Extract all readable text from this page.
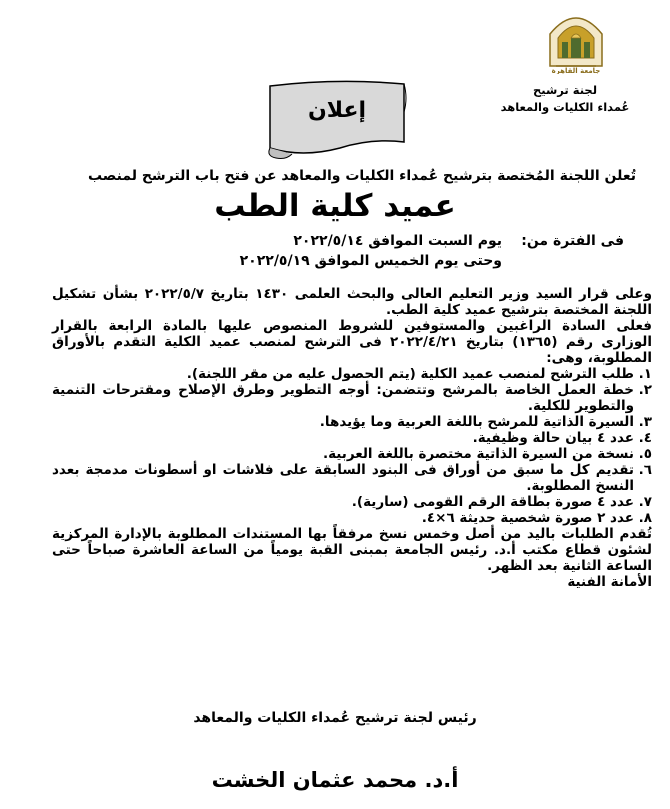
جامعة القاهرة
لجنة ترشيح
عُمداء الكليات والمعاهد
إعلان
تُعلن اللجنة المُختصة بترشيح عُمداء الكليات والمعاهد عن فتح باب الترشح لمنصب
عميد كلية الطب
فى الفترة من:
يوم السبت الموافق ٢٠٢٢/٥/١٤
وحتى يوم الخميس الموافق ٢٠٢٢/٥/١٩

وعلى قرار السيد وزير التعليم العالى والبحث العلمى ١٤٣٠ بتاريخ ٢٠٢٢/٥/٧ بشأن تشكيل اللجنة المختصة بترشيح عميد كلية الطب.

فعلى السادة الراغبين والمستوفين للشروط المنصوص عليها بالمادة الرابعة بالقرار الوزارى رقم (١٣٦٥) بتاريخ ٢٠٢٢/٤/٢١ فى الترشح لمنصب عميد الكلية التقدم بالأوراق المطلوبة، وهى:

١.
طلب الترشح لمنصب عميد الكلية (يتم الحصول عليه من مقر اللجنة).
٢.
خطة العمل الخاصة بالمرشح وتتضمن: أوجه التطوير وطرق الإصلاح ومقترحات التنمية والتطوير للكلية.
٣.
السيرة الذاتية للمرشح باللغة العربية وما يؤيدها.
٤.
عدد ٤ بيان حالة وظيفية.
٥.
نسخة من السيرة الذاتية مختصرة باللغة العربية.
٦.
تقديم كل ما سبق من أوراق فى البنود السابقة على فلاشات او أسطونات مدمجة بعدد النسخ المطلوبة.
٧.
عدد ٤ صورة بطاقة الرقم القومى (سارية).
٨.
عدد ٢ صورة شخصية حديثة ٦×٤.

تُقدم الطلبات باليد من أصل وخمس نسخ مرفقاً بها المستندات المطلوبة بالإدارة المركزية لشئون قطاع مكتب أ.د. رئيس الجامعة بمبنى القبة يومياً من الساعة العاشرة صباحاً حتى الساعة الثانية بعد الظهر.

الأمانة الفنية

رئيس لجنة ترشيح عُمداء الكليات والمعاهد
أ.د. محمد عثمان الخشت
